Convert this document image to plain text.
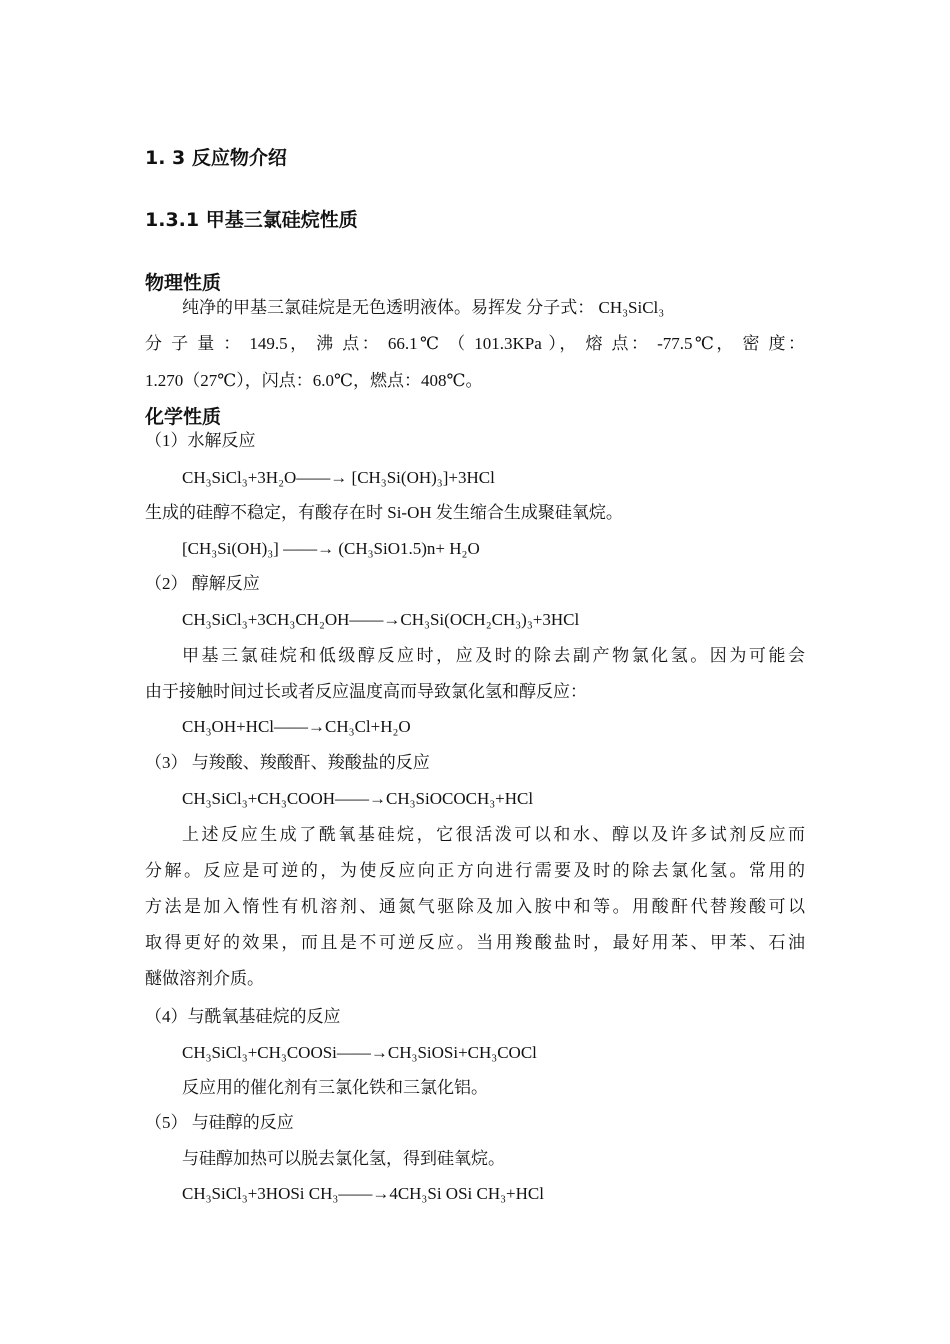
1. 3 反应物介绍
1.3.1 甲基三氯硅烷性质
物理性质
纯净的甲基三氯硅烷是无色透明液体。易挥发 分子式： CH₃SiCl₃
分 子 量 ： 149.5， 沸 点： 66.1℃ （ 101.3KPa ）， 熔 点： -77.5℃， 密 度：
1.270（27℃），闪点：6.0℃，燃点：408℃。
化学性质
（1）水解反应
CH₃SiCl₃+3H₂O——→ [CH₃Si(OH)₃]+3HCl
生成的硅醇不稳定，有酸存在时 Si-OH 发生缩合生成聚硅氧烷。
[CH₃Si(OH)₃] ——→ (CH₃SiO1.5)n+ H₂O
（2） 醇解反应
CH₃SiCl₃+3CH₃CH₂OH——→CH₃Si(OCH₂CH₃)₃+3HCl
甲基三氯硅烷和低级醇反应时，应及时的除去副产物氯化氢。因为可能会
由于接触时间过长或者反应温度高而导致氯化氢和醇反应：
CH₃OH+HCl——→CH₃Cl+H₂O
（3） 与羧酸、羧酸酐、羧酸盐的反应
CH₃SiCl₃+CH₃COOH——→CH₃SiOCOCH₃+HCl
上述反应生成了酰氧基硅烷，它很活泼可以和水、醇以及许多试剂反应而
分解。反应是可逆的，为使反应向正方向进行需要及时的除去氯化氢。常用的
方法是加入惰性有机溶剂、通氮气驱除及加入胺中和等。用酸酐代替羧酸可以
取得更好的效果，而且是不可逆反应。当用羧酸盐时，最好用苯、甲苯、石油
醚做溶剂介质。
（4）与酰氧基硅烷的反应
CH₃SiCl₃+CH₃COOSi——→CH₃SiOSi+CH₃COCl
反应用的催化剂有三氯化铁和三氯化铝。
（5） 与硅醇的反应
与硅醇加热可以脱去氯化氢，得到硅氧烷。
CH₃SiCl₃+3HOSi CH₃——→4CH₃Si OSi CH₃+HCl
